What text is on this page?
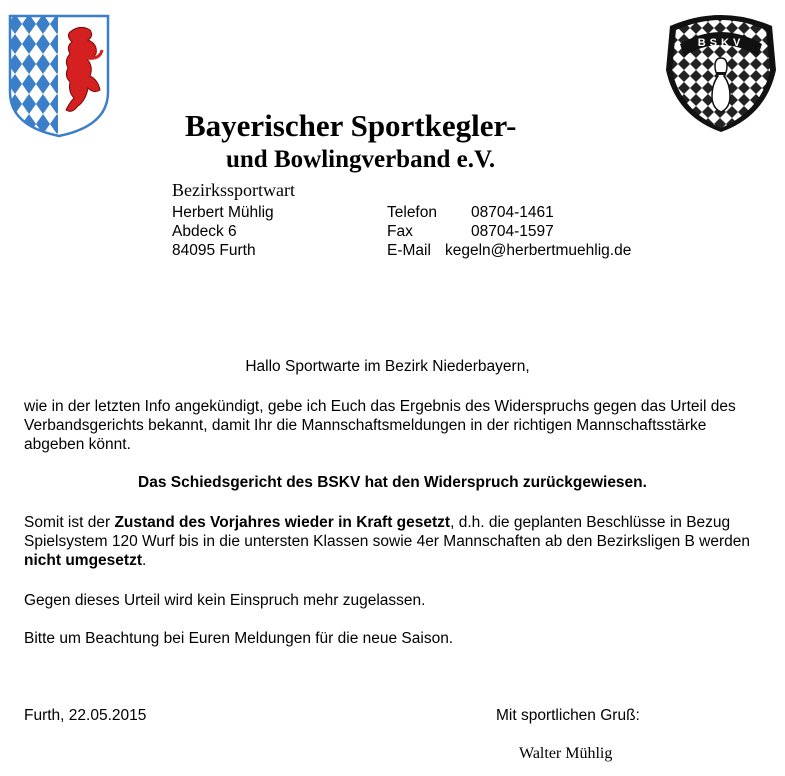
BSKV
Bayerischer Sportkegler-
und Bowlingverband e.V.
Bezirkssportwart
Herbert Mühlig
Abdeck 6
84095 Furth
Telefon 08704-1461
Fax	08704-1597
E-Mail kegeln@herbertmuehlig.de
Hallo Sportwarte im Bezirk Niederbayern,
wie in der letzten Info angekündigt, gebe ich Euch das Ergebnis des Widerspruchs gegen das Urteil des Verbandsgerichts bekannt, damit Ihr die Mannschaftsmeldungen in der richtigen Mannschaftsstärke abgeben könnt.
Das Schiedsgericht des BSKV hat den Widerspruch zurückgewiesen.
Somit ist der Zustand des Vorjahres wieder in Kraft gesetzt, d.h. die geplanten Beschlüsse in Bezug Spielsystem 120 Wurf bis in die untersten Klassen sowie 4er Mannschaften ab den Bezirksligen B werden nicht umgesetzt.
Gegen dieses Urteil wird kein Einspruch mehr zugelassen.
Bitte um Beachtung bei Euren Meldungen für die neue Saison.
Furth, 22.05.2015	Mit sportlichen Gruß:
Walter Mühlig
